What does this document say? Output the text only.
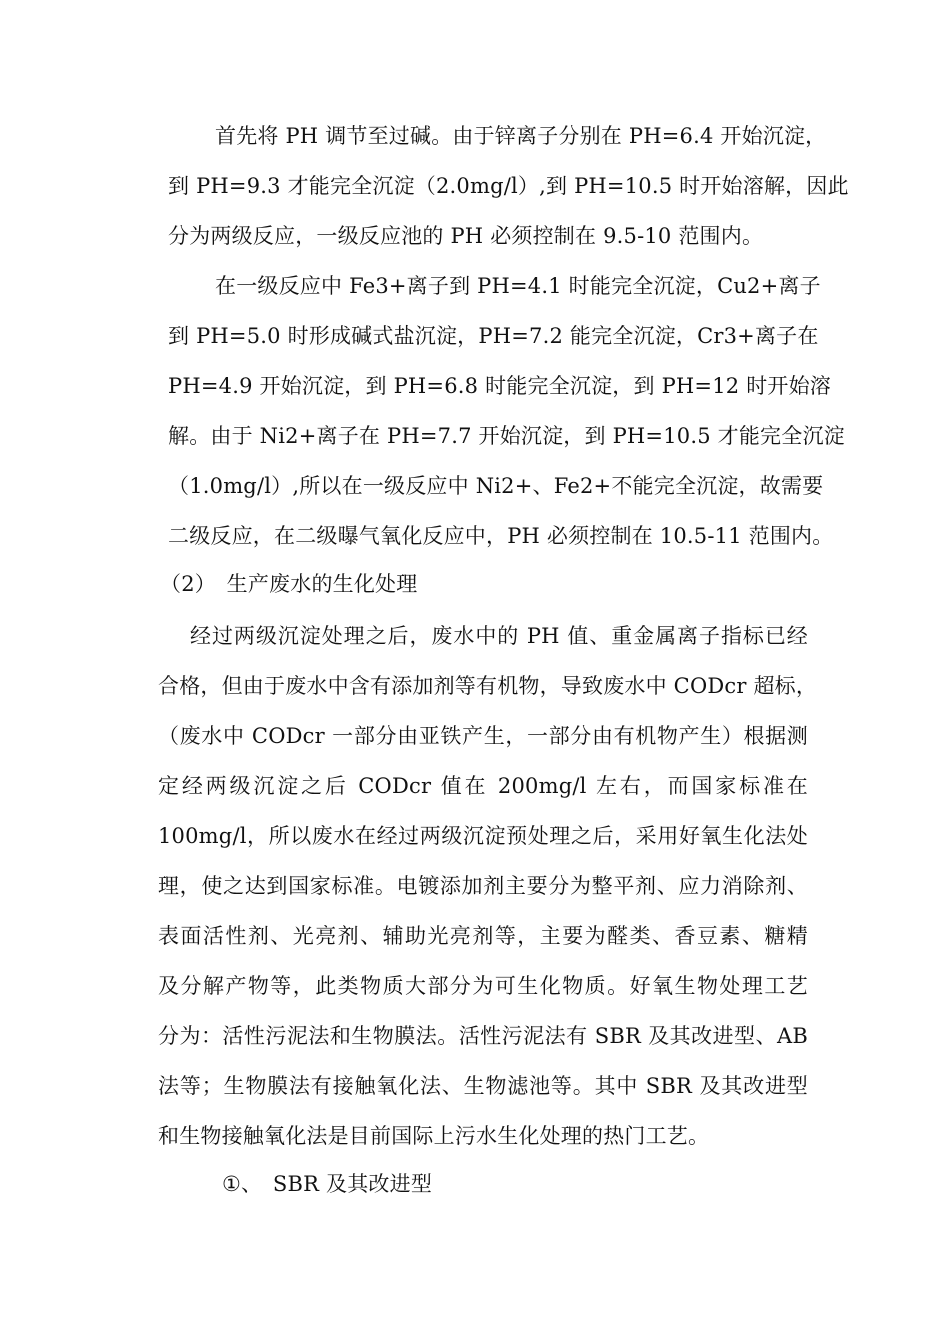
首先将 PH 调节至过碱。由于锌离子分别在 PH=6.4 开始沉淀，
到 PH=9.3 才能完全沉淀（2.0mg/l）,到 PH=10.5 时开始溶解，因此
分为两级反应，一级反应池的 PH 必须控制在 9.5-10 范围内。
在一级反应中 Fe3+离子到 PH=4.1 时能完全沉淀，Cu2+离子
到 PH=5.0 时形成碱式盐沉淀，PH=7.2 能完全沉淀，Cr3+离子在
PH=4.9 开始沉淀，到 PH=6.8 时能完全沉淀，到 PH=12 时开始溶
解。由于 Ni2+离子在 PH=7.7 开始沉淀，到 PH=10.5 才能完全沉淀
（1.0mg/l）,所以在一级反应中 Ni2+、Fe2+不能完全沉淀，故需要
二级反应，在二级曝气氧化反应中，PH 必须控制在 10.5-11 范围内。
（2）　生产废水的生化处理
经过两级沉淀处理之后，废水中的 PH 值、重金属离子指标已经
合格，但由于废水中含有添加剂等有机物，导致废水中 CODcr 超标，
（废水中 CODcr 一部分由亚铁产生，一部分由有机物产生）根据测
定经两级沉淀之后 CODcr 值在 200mg/l 左右，而国家标准在
100mg/l，所以废水在经过两级沉淀预处理之后，采用好氧生化法处
理，使之达到国家标准。电镀添加剂主要分为整平剂、应力消除剂、
表面活性剂、光亮剂、辅助光亮剂等，主要为醛类、香豆素、糖精
及分解产物等，此类物质大部分为可生化物质。好氧生物处理工艺
分为：活性污泥法和生物膜法。活性污泥法有 SBR 及其改进型、AB
法等；生物膜法有接触氧化法、生物滤池等。其中 SBR 及其改进型
和生物接触氧化法是目前国际上污水生化处理的热门工艺。
①、　SBR 及其改进型
